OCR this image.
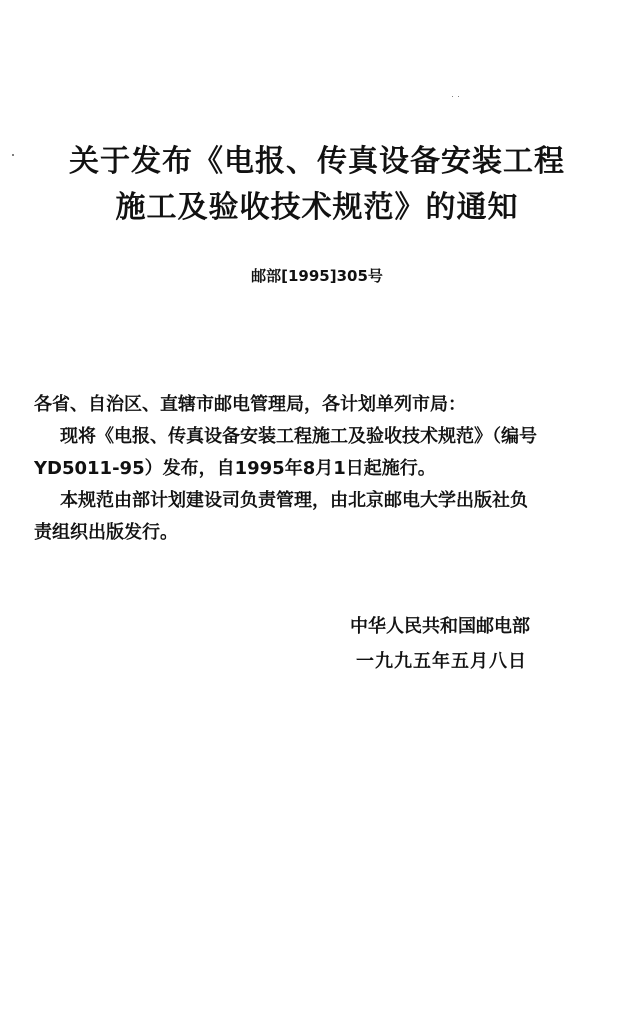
关于发布《电报、传真设备安装工程
施工及验收技术规范》的通知
邮部[1995]305号
各省、自治区、直辖市邮电管理局，各计划单列市局：
现将《电报、传真设备安装工程施工及验收技术规范》（编号
YD5011-95）发布，自1995年8月1日起施行。
本规范由部计划建设司负责管理，由北京邮电大学出版社负
责组织出版发行。
中华人民共和国邮电部
一九九五年五月八日
